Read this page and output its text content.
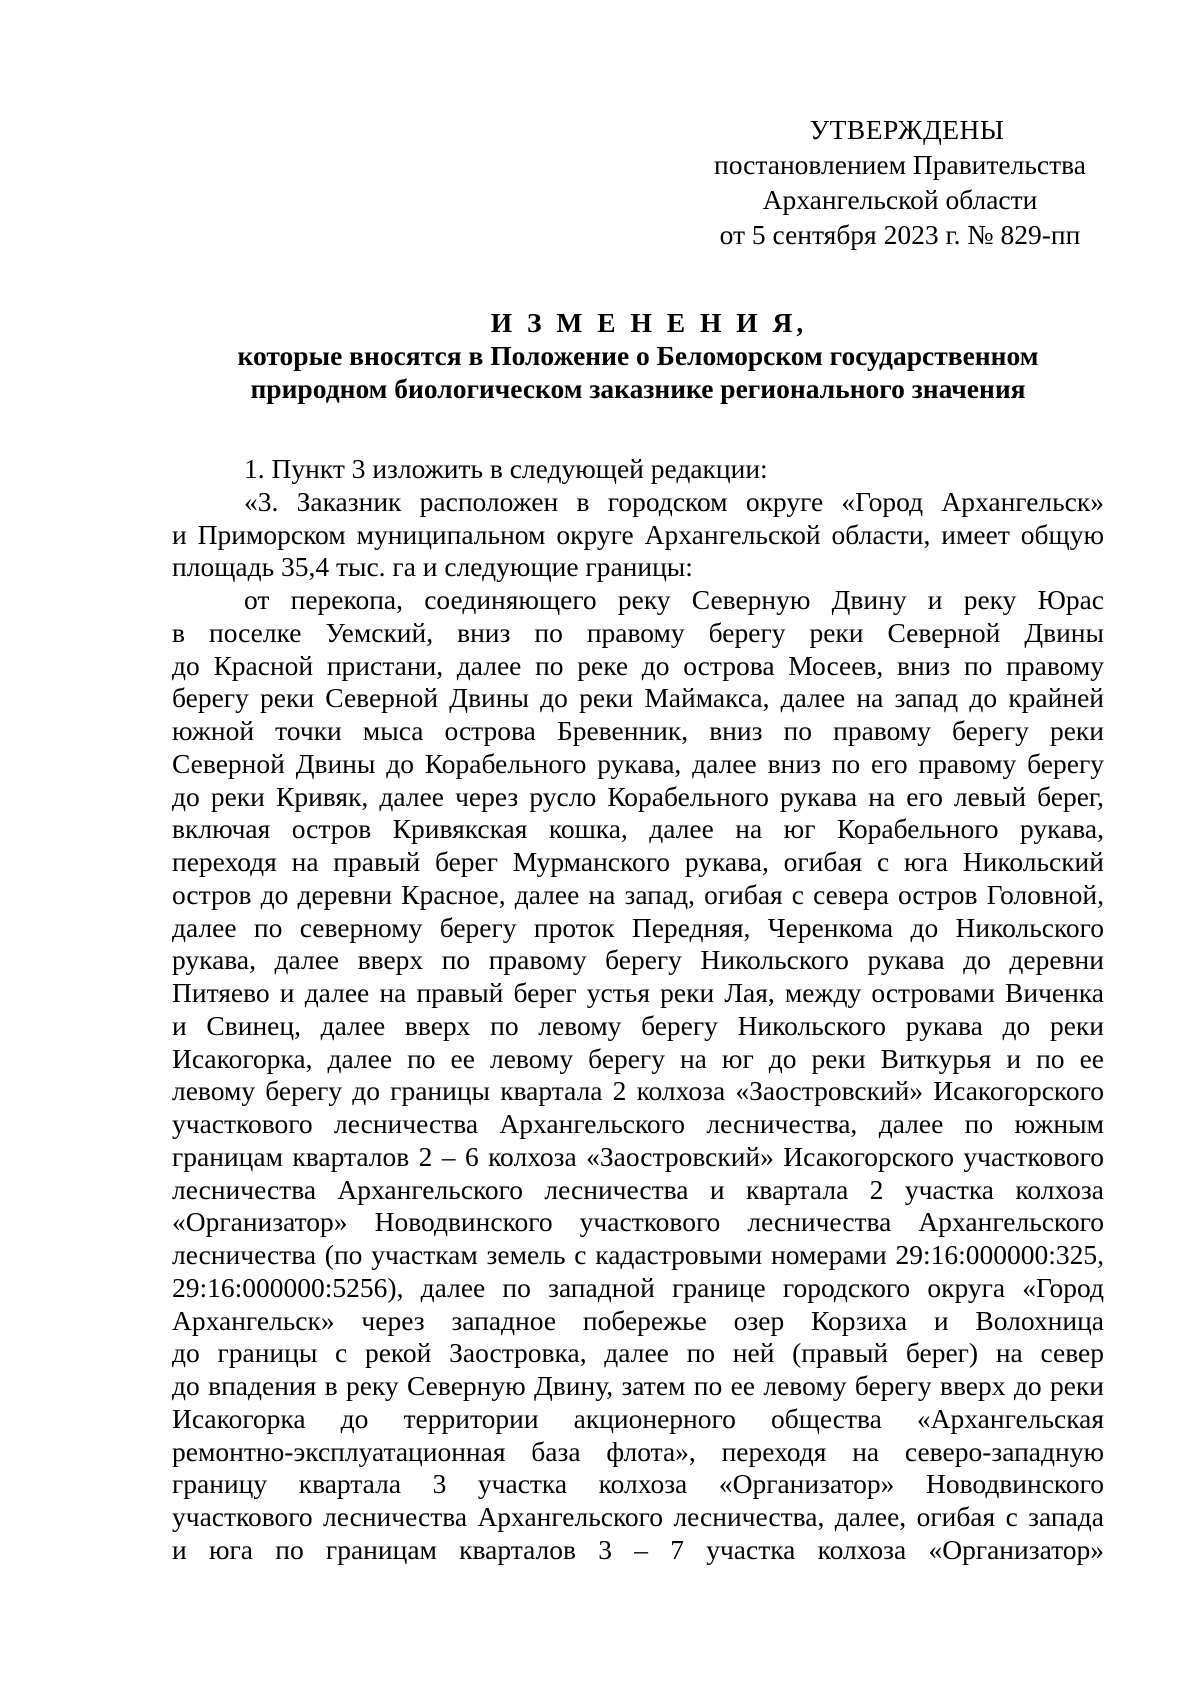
УТВЕРЖДЕНЫ
постановлением Правительства
Архангельской области
от 5 сентября 2023 г. № 829-пп
И З М Е Н Е Н И Я,
которые вносятся в Положение о Беломорском государственном
природном биологическом заказнике регионального значения
1. Пункт 3 изложить в следующей редакции:
«3. Заказник расположен в городском округе «Город Архангельск»
и Приморском муниципальном округе Архангельской области, имеет общую
площадь 35,4 тыс. га и следующие границы:
от перекопа, соединяющего реку Северную Двину и реку Юрас
в поселке Уемский, вниз по правому берегу реки Северной Двины
до Красной пристани, далее по реке до острова Мосеев, вниз по правому
берегу реки Северной Двины до реки Маймакса, далее на запад до крайней
южной точки мыса острова Бревенник, вниз по правому берегу реки
Северной Двины до Корабельного рукава, далее вниз по его правому берегу
до реки Кривяк, далее через русло Корабельного рукава на его левый берег,
включая остров Кривякская кошка, далее на юг Корабельного рукава,
переходя на правый берег Мурманского рукава, огибая с юга Никольский
остров до деревни Красное, далее на запад, огибая с севера остров Головной,
далее по северному берегу проток Передняя, Черенкома до Никольского
рукава, далее вверх по правому берегу Никольского рукава до деревни
Питяево и далее на правый берег устья реки Лая, между островами Виченка
и Свинец, далее вверх по левому берегу Никольского рукава до реки
Исакогорка, далее по ее левому берегу на юг до реки Виткурья и по ее
левому берегу до границы квартала 2 колхоза «Заостровский» Исакогорского
участкового лесничества Архангельского лесничества, далее по южным
границам кварталов 2 – 6 колхоза «Заостровский» Исакогорского участкового
лесничества Архангельского лесничества и квартала 2 участка колхоза
«Организатор» Новодвинского участкового лесничества Архангельского
лесничества (по участкам земель с кадастровыми номерами 29:16:000000:325,
29:16:000000:5256), далее по западной границе городского округа «Город
Архангельск» через западное побережье озер Корзиха и Волохница
до границы с рекой Заостровка, далее по ней (правый берег) на север
до впадения в реку Северную Двину, затем по ее левому берегу вверх до реки
Исакогорка до территории акционерного общества «Архангельская
ремонтно-эксплуатационная база флота», переходя на северо-западную
границу квартала 3 участка колхоза «Организатор» Новодвинского
участкового лесничества Архангельского лесничества, далее, огибая с запада
и юга по границам кварталов 3 – 7 участка колхоза «Организатор»
